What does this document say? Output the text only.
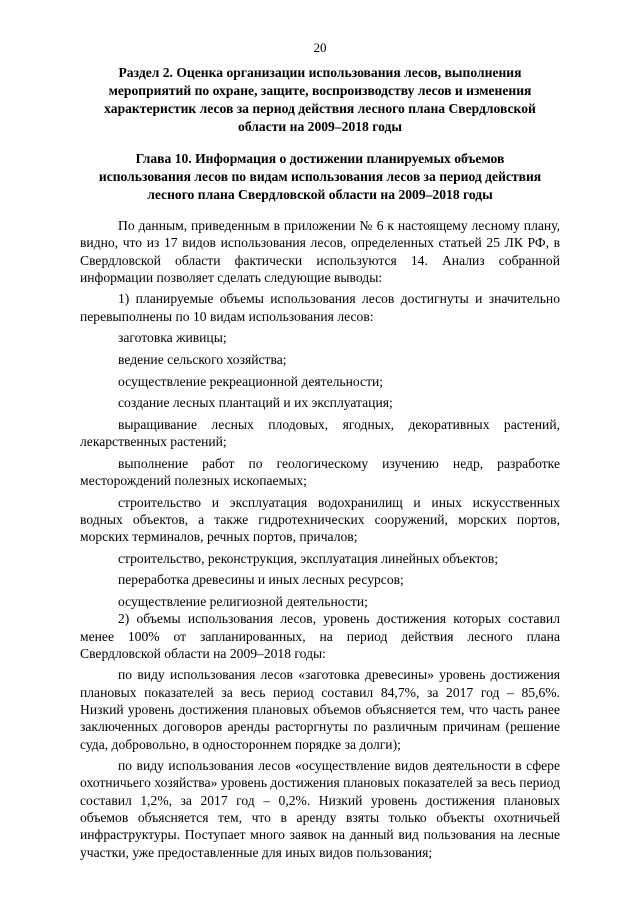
20
Раздел 2. Оценка организации использования лесов, выполнения мероприятий по охране, защите, воспроизводству лесов и изменения характеристик лесов за период действия лесного плана Свердловской области на 2009–2018 годы
Глава 10. Информация о достижении планируемых объемов использования лесов по видам использования лесов за период действия лесного плана Свердловской области на 2009–2018 годы

По данным, приведенным в приложении № 6 к настоящему лесному плану, видно, что из 17 видов использования лесов, определенных статьей 25 ЛК РФ, в Свердловской области фактически используются 14. Анализ собранной информации позволяет сделать следующие выводы:

1) планируемые объемы использования лесов достигнуты и значительно перевыполнены по 10 видам использования лесов:

заготовка живицы;

ведение сельского хозяйства;

осуществление рекреационной деятельности;

создание лесных плантаций и их эксплуатация;

выращивание лесных плодовых, ягодных, декоративных растений, лекарственных растений;

выполнение работ по геологическому изучению недр, разработке месторождений полезных ископаемых;

строительство и эксплуатация водохранилищ и иных искусственных водных объектов, а также гидротехнических сооружений, морских портов, морских терминалов, речных портов, причалов;

строительство, реконструкция, эксплуатация линейных объектов;

переработка древесины и иных лесных ресурсов;

осуществление религиозной деятельности;

2) объемы использования лесов, уровень достижения которых составил менее 100% от запланированных, на период действия лесного плана Свердловской области на 2009–2018 годы:

по виду использования лесов «заготовка древесины» уровень достижения плановых показателей за весь период составил 84,7%, за 2017 год – 85,6%. Низкий уровень достижения плановых объемов объясняется тем, что часть ранее заключенных договоров аренды расторгнуты по различным причинам (решение суда, добровольно, в одностороннем порядке за долги);

по виду использования лесов «осуществление видов деятельности в сфере охотничьего хозяйства» уровень достижения плановых показателей за весь период составил 1,2%, за 2017 год – 0,2%. Низкий уровень достижения плановых объемов объясняется тем, что в аренду взяты только объекты охотничьей инфраструктуры. Поступает много заявок на данный вид пользования на лесные участки, уже предоставленные для иных видов пользования;
